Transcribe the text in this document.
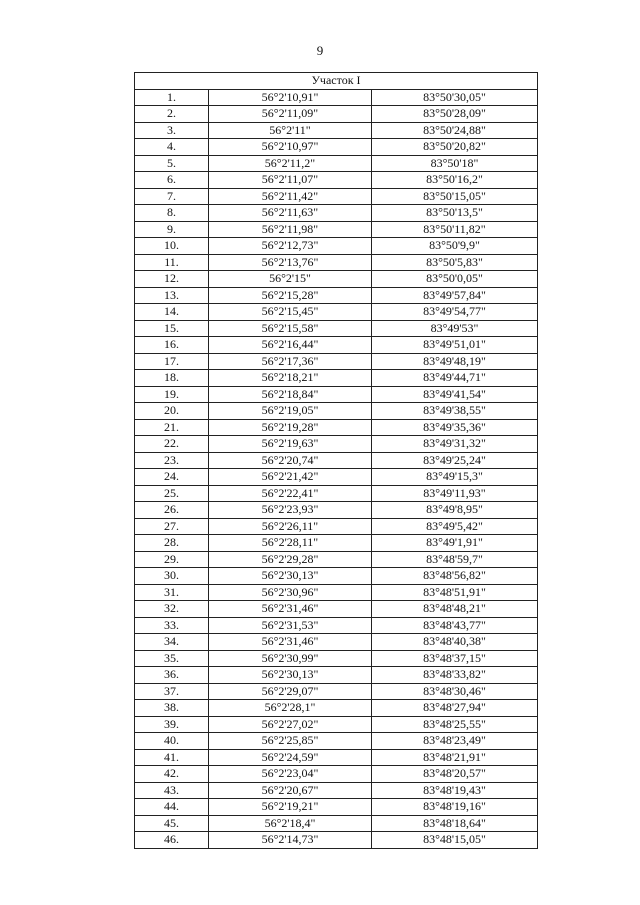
9
Участок I		
1.	56°2'10,91"	83°50'30,05"
2.	56°2'11,09"	83°50'28,09"
3.	56°2'11"	83°50'24,88"
4.	56°2'10,97"	83°50'20,82"
5.	56°2'11,2"	83°50'18"
6.	56°2'11,07"	83°50'16,2"
7.	56°2'11,42"	83°50'15,05"
8.	56°2'11,63"	83°50'13,5"
9.	56°2'11,98"	83°50'11,82"
10.	56°2'12,73"	83°50'9,9"
11.	56°2'13,76"	83°50'5,83"
12.	56°2'15"	83°50'0,05"
13.	56°2'15,28"	83°49'57,84"
14.	56°2'15,45"	83°49'54,77"
15.	56°2'15,58"	83°49'53"
16.	56°2'16,44"	83°49'51,01"
17.	56°2'17,36"	83°49'48,19"
18.	56°2'18,21"	83°49'44,71"
19.	56°2'18,84"	83°49'41,54"
20.	56°2'19,05"	83°49'38,55"
21.	56°2'19,28"	83°49'35,36"
22.	56°2'19,63"	83°49'31,32"
23.	56°2'20,74"	83°49'25,24"
24.	56°2'21,42"	83°49'15,3"
25.	56°2'22,41"	83°49'11,93"
26.	56°2'23,93"	83°49'8,95"
27.	56°2'26,11"	83°49'5,42"
28.	56°2'28,11"	83°49'1,91"
29.	56°2'29,28"	83°48'59,7"
30.	56°2'30,13"	83°48'56,82"
31.	56°2'30,96"	83°48'51,91"
32.	56°2'31,46"	83°48'48,21"
33.	56°2'31,53"	83°48'43,77"
34.	56°2'31,46"	83°48'40,38"
35.	56°2'30,99"	83°48'37,15"
36.	56°2'30,13"	83°48'33,82"
37.	56°2'29,07"	83°48'30,46"
38.	56°2'28,1"	83°48'27,94"
39.	56°2'27,02"	83°48'25,55"
40.	56°2'25,85"	83°48'23,49"
41.	56°2'24,59"	83°48'21,91"
42.	56°2'23,04"	83°48'20,57"
43.	56°2'20,67"	83°48'19,43"
44.	56°2'19,21"	83°48'19,16"
45.	56°2'18,4"	83°48'18,64"
46.	56°2'14,73"	83°48'15,05"
